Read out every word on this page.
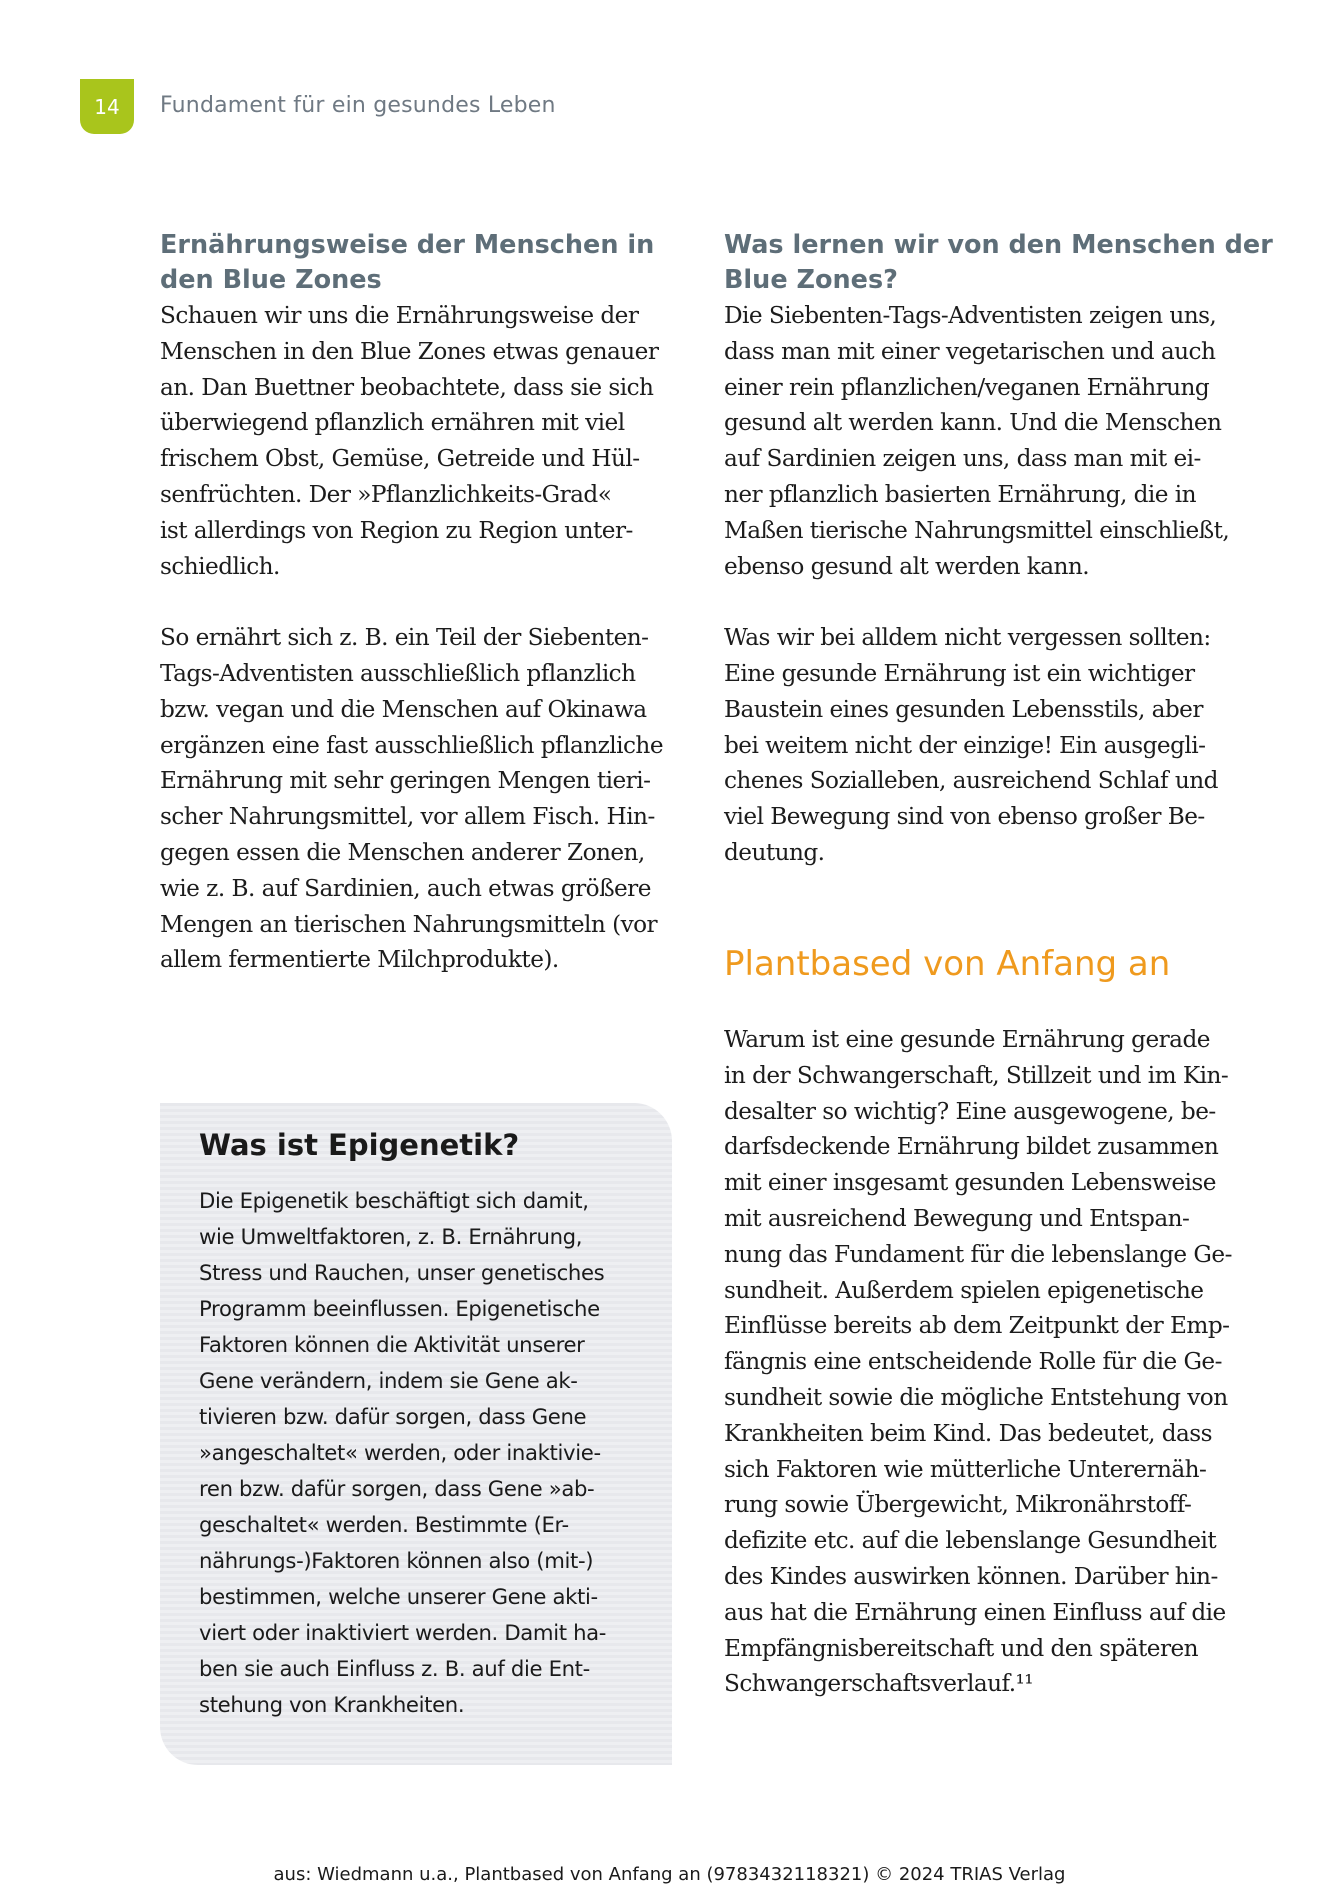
14	Fundament für ein gesundes Leben
Ernährungsweise der Menschen in
den Blue Zones

Schauen wir uns die Ernährungsweise der
Menschen in den Blue Zones etwas genauer
an. Dan Buettner beobachtete, dass sie sich
überwiegend pflanzlich ernähren mit viel
frischem Obst, Gemüse, Getreide und Hül-
senfrüchten. Der »Pflanzlichkeits-Grad«
ist allerdings von Region zu Region unter-
schiedlich.

So ernährt sich z. B. ein Teil der Siebenten-
Tags-Adventisten ausschließlich pflanzlich
bzw. vegan und die Menschen auf Okinawa
ergänzen eine fast ausschließlich pflanzliche
Ernährung mit sehr geringen Mengen tieri-
scher Nahrungsmittel, vor allem Fisch. Hin-
gegen essen die Menschen anderer Zonen,
wie z. B. auf Sardinien, auch etwas größere
Mengen an tierischen Nahrungsmitteln (vor
allem fermentierte Milchprodukte).

Was lernen wir von den Menschen der
Blue Zones?

Die Siebenten-Tags-Adventisten zeigen uns,
dass man mit einer vegetarischen und auch
einer rein pflanzlichen/veganen Ernährung
gesund alt werden kann. Und die Menschen
auf Sardinien zeigen uns, dass man mit ei-
ner pflanzlich basierten Ernährung, die in
Maßen tierische Nahrungsmittel einschließt,
ebenso gesund alt werden kann.

Was wir bei alldem nicht vergessen sollten:
Eine gesunde Ernährung ist ein wichtiger
Baustein eines gesunden Lebensstils, aber
bei weitem nicht der einzige! Ein ausgegli-
chenes Sozialleben, ausreichend Schlaf und
viel Bewegung sind von ebenso großer Be-
deutung.

Plantbased von Anfang an

Warum ist eine gesunde Ernährung gerade
in der Schwangerschaft, Stillzeit und im Kin-
desalter so wichtig? Eine ausgewogene, be-
darfsdeckende Ernährung bildet zusammen
mit einer insgesamt gesunden Lebensweise
mit ausreichend Bewegung und Entspan-
nung das Fundament für die lebenslange Ge-
sundheit. Außerdem spielen epigenetische
Einflüsse bereits ab dem Zeitpunkt der Emp-
fängnis eine entscheidende Rolle für die Ge-
sundheit sowie die mögliche Entstehung von
Krankheiten beim Kind. Das bedeutet, dass
sich Faktoren wie mütterliche Unterernäh-
rung sowie Übergewicht, Mikronährstoff-
defizite etc. auf die lebenslange Gesundheit
des Kindes auswirken können. Darüber hin-
aus hat die Ernährung einen Einfluss auf die
Empfängnisbereitschaft und den späteren
Schwangerschaftsverlauf.¹¹

Was ist Epigenetik?

Die Epigenetik beschäftigt sich damit,
wie Umweltfaktoren, z. B. Ernährung,
Stress und Rauchen, unser genetisches
Programm beeinflussen. Epigenetische
Faktoren können die Aktivität unserer
Gene verändern, indem sie Gene ak-
tivieren bzw. dafür sorgen, dass Gene
»angeschaltet« werden, oder inaktivie-
ren bzw. dafür sorgen, dass Gene »ab-
geschaltet« werden. Bestimmte (Er-
nährungs-)Faktoren können also (mit-)
bestimmen, welche unserer Gene akti-
viert oder inaktiviert werden. Damit ha-
ben sie auch Einfluss z. B. auf die Ent-
stehung von Krankheiten.

aus: Wiedmann u.a., Plantbased von Anfang an (9783432118321) © 2024 TRIAS Verlag
